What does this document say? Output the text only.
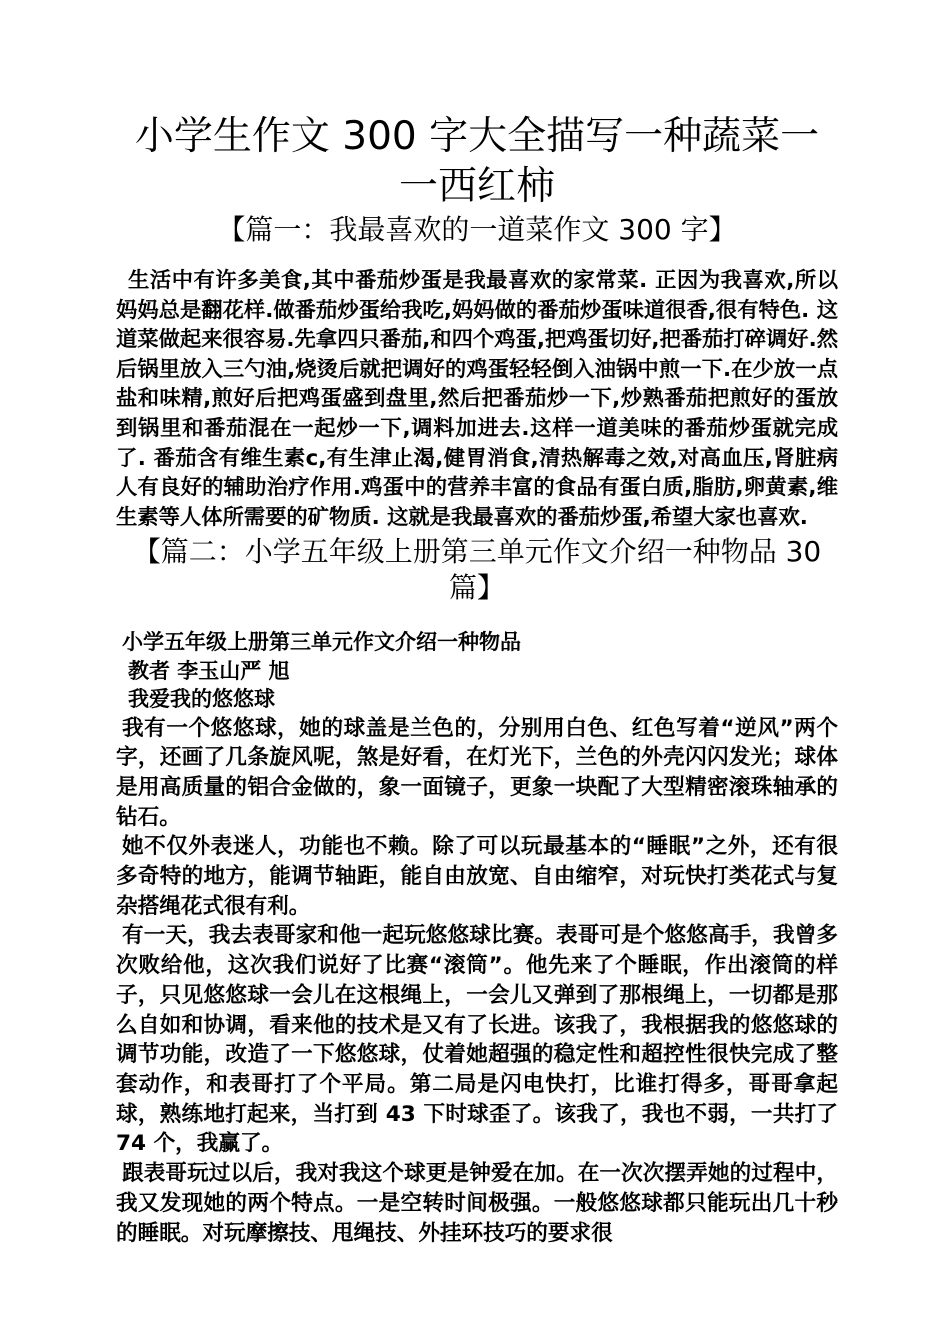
小学生作文 300 字大全描写一种蔬菜一一西红柿
【篇一：我最喜欢的一道菜作文 300 字】

生活中有许多美食,其中番茄炒蛋是我最喜欢的家常菜. 正因为我喜欢,所以妈妈总是翻花样.做番茄炒蛋给我吃,妈妈做的番茄炒蛋味道很香,很有特色. 这道菜做起来很容易.先拿四只番茄,和四个鸡蛋,把鸡蛋切好,把番茄打碎调好.然后锅里放入三勺油,烧烫后就把调好的鸡蛋轻轻倒入油锅中煎一下.在少放一点盐和味精,煎好后把鸡蛋盛到盘里,然后把番茄炒一下,炒熟番茄把煎好的蛋放到锅里和番茄混在一起炒一下,调料加进去.这样一道美味的番茄炒蛋就完成了. 番茄含有维生素c,有生津止渴,健胃消食,清热解毒之效,对高血压,肾脏病人有良好的辅助治疗作用.鸡蛋中的营养丰富的食品有蛋白质,脂肪,卵黄素,维生素等人体所需要的矿物质. 这就是我最喜欢的番茄炒蛋,希望大家也喜欢.

【篇二：小学五年级上册第三单元作文介绍一种物品 30 篇】

小学五年级上册第三单元作文介绍一种物品

教者 李玉山严 旭

我爱我的悠悠球

我有一个悠悠球，她的球盖是兰色的，分别用白色、红色写着“逆风”两个字，还画了几条旋风呢，煞是好看，在灯光下，兰色的外壳闪闪发光；球体是用高质量的铝合金做的，象一面镜子，更象一块配了大型精密滚珠轴承的钻石。

她不仅外表迷人，功能也不赖。除了可以玩最基本的“睡眠”之外，还有很多奇特的地方，能调节轴距，能自由放宽、自由缩窄，对玩快打类花式与复杂搭绳花式很有利。

有一天，我去表哥家和他一起玩悠悠球比赛。表哥可是个悠悠高手，我曾多次败给他，这次我们说好了比赛“滚筒”。他先来了个睡眠，作出滚筒的样子，只见悠悠球一会儿在这根绳上，一会儿又弹到了那根绳上，一切都是那么自如和协调，看来他的技术是又有了长进。该我了，我根据我的悠悠球的调节功能，改造了一下悠悠球，仗着她超强的稳定性和超控性很快完成了整套动作，和表哥打了个平局。第二局是闪电快打，比谁打得多，哥哥拿起球，熟练地打起来，当打到 43 下时球歪了。该我了，我也不弱，一共打了 74 个，我赢了。

跟表哥玩过以后，我对我这个球更是钟爱在加。在一次次摆弄她的过程中，我又发现她的两个特点。一是空转时间极强。一般悠悠球都只能玩出几十秒的睡眠。对玩摩擦技、甩绳技、外挂环技巧的要求很
